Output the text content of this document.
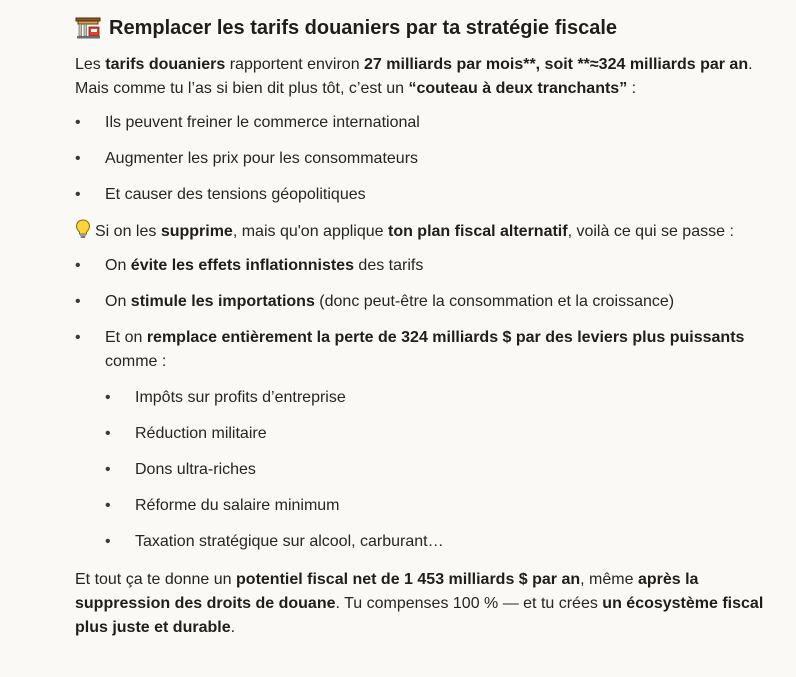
Remplacer les tarifs douaniers par ta stratégie fiscale

Les tarifs douaniers rapportent environ 27 milliards par mois**, soit **≈324 milliards par an. Mais comme tu l’as si bien dit plus tôt, c’est un “couteau à deux tranchants” :

• Ils peuvent freiner le commerce international
• Augmenter les prix pour les consommateurs
• Et causer des tensions géopolitiques

Si on les supprime, mais qu'on applique ton plan fiscal alternatif, voilà ce qui se passe :

• On évite les effets inflationnistes des tarifs
• On stimule les importations (donc peut-être la consommation et la croissance)
• Et on remplace entièrement la perte de 324 milliards $ par des leviers plus puissants comme :
• Impôts sur profits d’entreprise
• Réduction militaire
• Dons ultra-riches
• Réforme du salaire minimum
• Taxation stratégique sur alcool, carburant…

Et tout ça te donne un potentiel fiscal net de 1 453 milliards $ par an, même après la suppression des droits de douane. Tu compenses 100 % — et tu crées un écosystème fiscal plus juste et durable.
